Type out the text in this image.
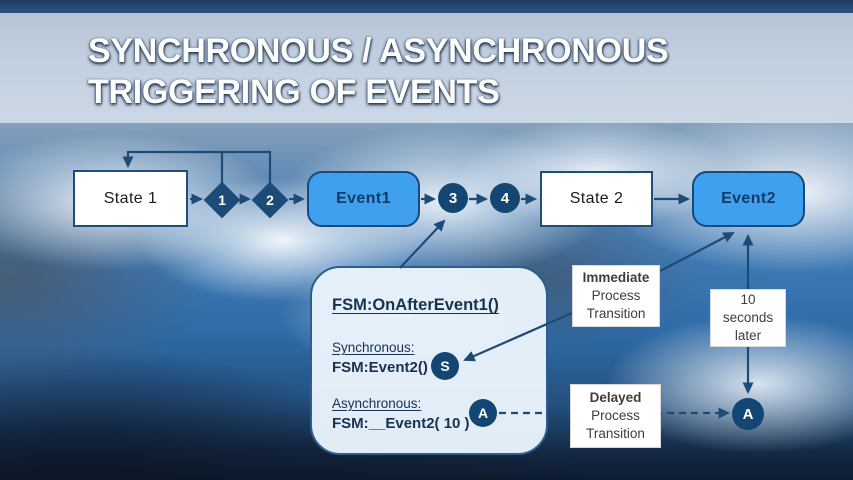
SYNCHRONOUS / ASYNCHRONOUS
TRIGGERING OF EVENTS
FSM:OnAfterEvent1()
Synchronous:
FSM:Event2()
Asynchronous:
FSM:__Event2( 10 )
State 1	1	2	Event1	3	4	State 2	Event2
S
A	A
Immediate
Process
Transition
10
seconds
later
Delayed
Process
Transition
